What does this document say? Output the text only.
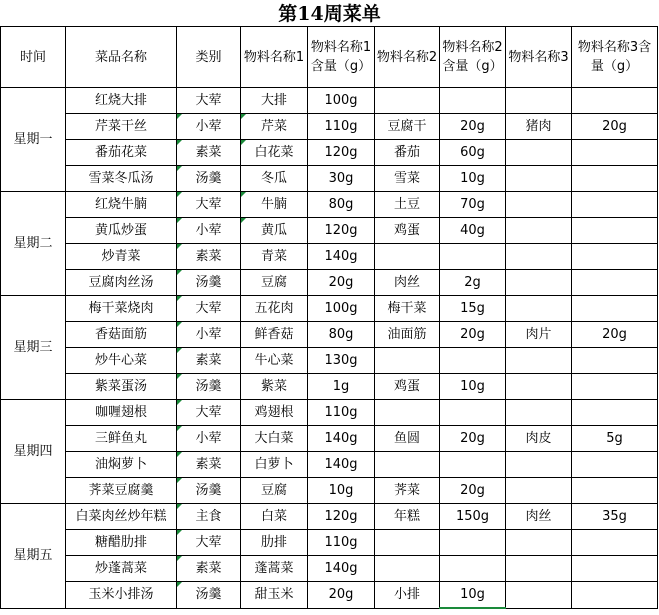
第14周菜单
时间	菜品名称	类别	物料名称1	物料名称1含量（g）	物料名称2	物料名称2含量（g）	物料名称3	物料名称3含量（g）
星期一	红烧大排	大荤	大排	100g				
	芹菜干丝	小荤	芹菜	110g	豆腐干	20g	猪肉	20g
	番茄花菜	素菜	白花菜	120g	番茄	60g		
	雪菜冬瓜汤	汤羹	冬瓜	30g	雪菜	10g		
星期二	红烧牛腩	大荤	牛腩	80g	土豆	70g		
	黄瓜炒蛋	小荤	黄瓜	120g	鸡蛋	40g		
	炒青菜	素菜	青菜	140g				
	豆腐肉丝汤	汤羹	豆腐	20g	肉丝	2g		
星期三	梅干菜烧肉	大荤	五花肉	100g	梅干菜	15g		
	香菇面筋	小荤	鲜香菇	80g	油面筋	20g	肉片	20g
	炒牛心菜	素菜	牛心菜	130g				
	紫菜蛋汤	汤羹	紫菜	1g	鸡蛋	10g		
星期四	咖喱翅根	大荤	鸡翅根	110g				
	三鲜鱼丸	小荤	大白菜	140g	鱼圆	20g	肉皮	5g
	油焖萝卜	素菜	白萝卜	140g				
	荠菜豆腐羹	汤羹	豆腐	10g	荠菜	20g		
星期五	白菜肉丝炒年糕	主食	白菜	120g	年糕	150g	肉丝	35g
	糖醋肋排	大荤	肋排	110g				
	炒蓬蒿菜	素菜	蓬蒿菜	140g				
	玉米小排汤	汤羹	甜玉米	20g	小排	10g		
